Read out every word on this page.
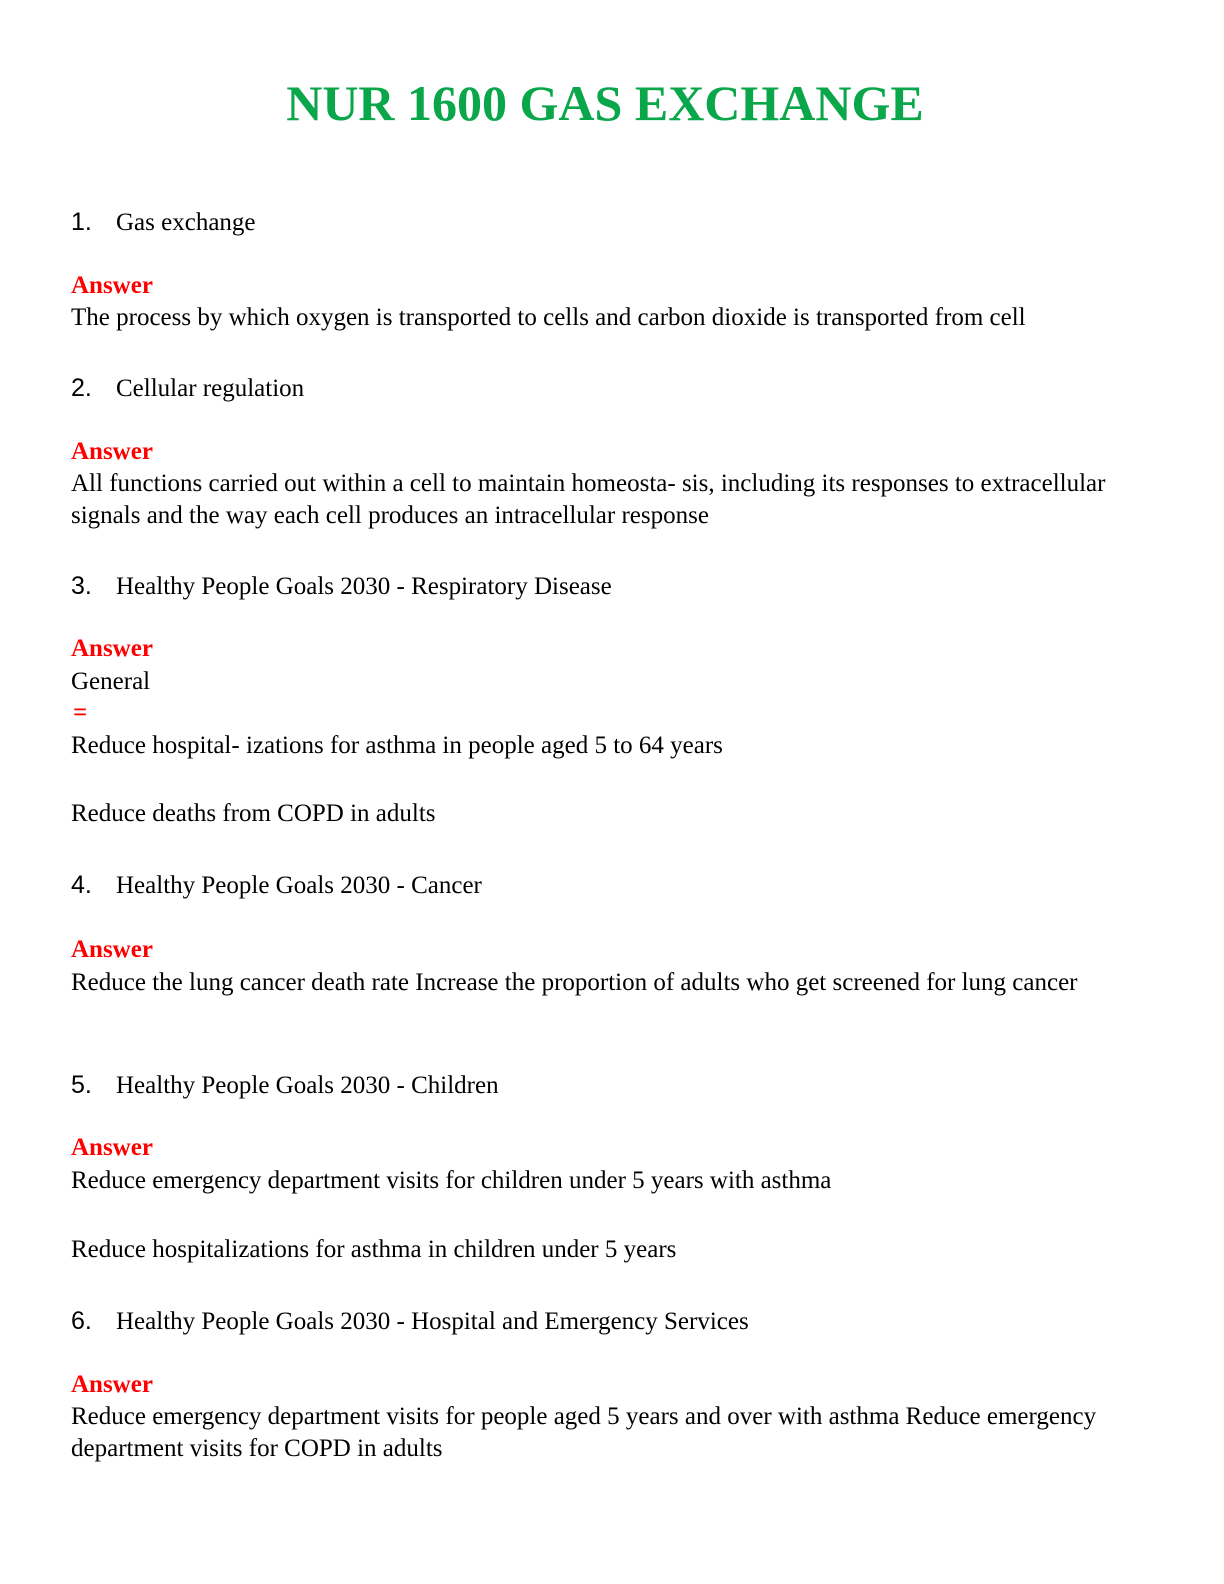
NUR 1600 GAS EXCHANGE
1. Gas exchange
Answer

The process by which oxygen is transported to cells and carbon dioxide is transported from cell

2. Cellular regulation
Answer

All functions carried out within a cell to maintain homeosta- sis, including its responses to extracellular signals and the way each cell produces an intracellular response

3. Healthy People Goals 2030 - Respiratory Disease
Answer

General

=

Reduce hospital- izations for asthma in people aged 5 to 64 years

Reduce deaths from COPD in adults

4. Healthy People Goals 2030 - Cancer
Answer

Reduce the lung cancer death rate Increase the proportion of adults who get screened for lung cancer

5. Healthy People Goals 2030 - Children
Answer

Reduce emergency department visits for children under 5 years with asthma

Reduce hospitalizations for asthma in children under 5 years

6. Healthy People Goals 2030 - Hospital and Emergency Services
Answer

Reduce emergency department visits for people aged 5 years and over with asthma Reduce emergency department visits for COPD in adults
